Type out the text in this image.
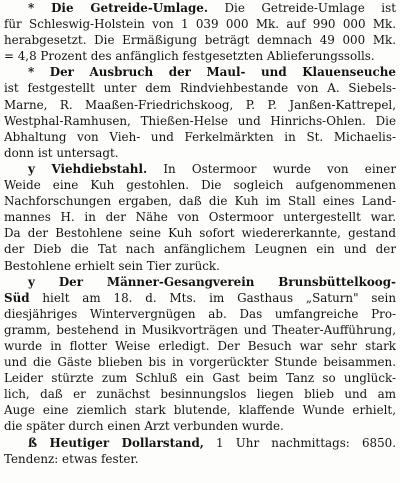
* Die Getreide-Umlage. Die Getreide-Umlage ist
für Schleswig-Holstein von 1 039 000 Mk. auf 990 000 Mk.
herabgesetzt. Die Ermäßigung beträgt demnach 49 000 Mk.
= 4,8 Prozent des anfänglich festgesetzten Ablieferungssolls.
* Der Ausbruch der Maul- und Klauenseuche
ist festgestellt unter dem Rindviehbestande von A. Siebels-
Marne, R. Maaßen-Friedrichskoog, P. P. Janßen-Kattrepel,
Westphal-Ramhusen, Thießen-Helse und Hinrichs-Ohlen. Die
Abhaltung von Vieh- und Ferkelmärkten in St. Michaelis-
donn ist untersagt.
y Viehdiebstahl. In Ostermoor wurde von einer
Weide eine Kuh gestohlen. Die sogleich aufgenommenen
Nachforschungen ergaben, daß die Kuh im Stall eines Land-
mannes H. in der Nähe von Ostermoor untergestellt war.
Da der Bestohlene seine Kuh sofort wiedererkannte, gestand
der Dieb die Tat nach anfänglichem Leugnen ein und der
Bestohlene erhielt sein Tier zurück.
y Der Männer-Gesangverein Brunsbüttelkoog-
Süd hielt am 18. d. Mts. im Gasthaus „Saturn" sein
diesjähriges Wintervergnügen ab. Das umfangreiche Pro-
gramm, bestehend in Musikvorträgen und Theater-Aufführung,
wurde in flotter Weise erledigt. Der Besuch war sehr stark
und die Gäste blieben bis in vorgerückter Stunde beisammen.
Leider stürzte zum Schluß ein Gast beim Tanz so unglück-
lich, daß er zunächst besinnungslos liegen blieb und am
Auge eine ziemlich stark blutende, klaffende Wunde erhielt,
die später durch einen Arzt verbunden wurde.
ß Heutiger Dollarstand, 1 Uhr nachmittags: 6850.
Tendenz: etwas fester.
